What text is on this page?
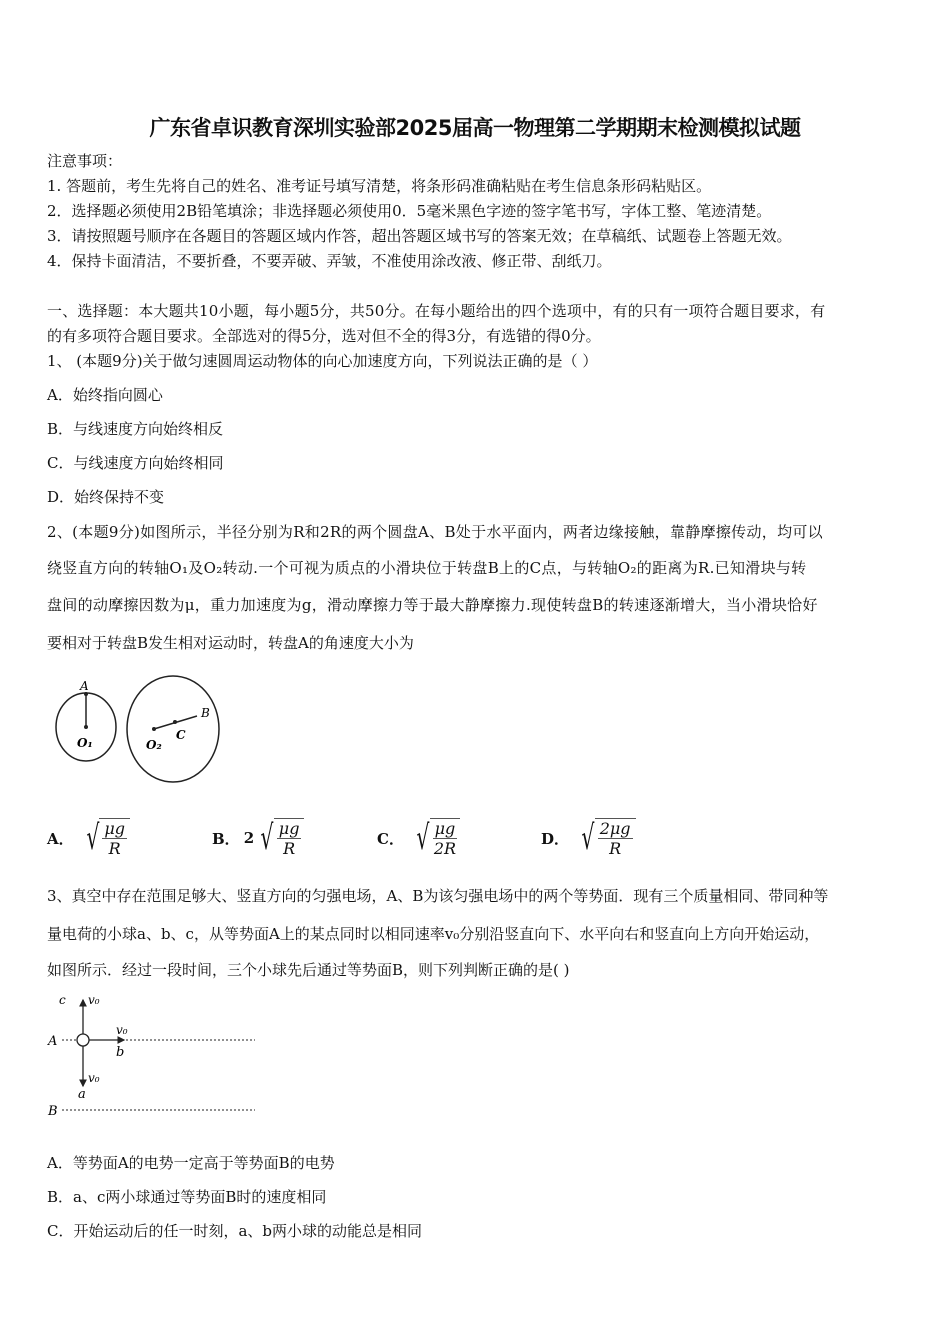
广东省卓识教育深圳实验部2025届高一物理第二学期期末检测模拟试题
注意事项：
1. 答题前，考生先将自己的姓名、准考证号填写清楚，将条形码准确粘贴在考生信息条形码粘贴区。
2．选择题必须使用2B铅笔填涂；非选择题必须使用0．5毫米黑色字迹的签字笔书写，字体工整、笔迹清楚。
3．请按照题号顺序在各题目的答题区域内作答，超出答题区域书写的答案无效；在草稿纸、试题卷上答题无效。
4．保持卡面清洁，不要折叠，不要弄破、弄皱，不准使用涂改液、修正带、刮纸刀。
一、选择题：本大题共10小题，每小题5分，共50分。在每小题给出的四个选项中，有的只有一项符合题目要求，有
的有多项符合题目要求。全部选对的得5分，选对但不全的得3分，有选错的得0分。
1、 (本题9分)关于做匀速圆周运动物体的向心加速度方向，下列说法正确的是（ ）
A．始终指向圆心
B．与线速度方向始终相反
C．与线速度方向始终相同
D．始终保持不变
2、(本题9分)如图所示，半径分别为R和2R的两个圆盘A、B处于水平面内，两者边缘接触，靠静摩擦传动，均可以
绕竖直方向的转轴O₁及O₂转动.一个可视为质点的小滑块位于转盘B上的C点，与转轴O₂的距离为R.已知滑块与转
盘间的动摩擦因数为μ，重力加速度为g，滑动摩擦力等于最大静摩擦力.现使转盘B的转速逐渐增大，当小滑块恰好
要相对于转盘B发生相对运动时，转盘A的角速度大小为
A
B
C
O₁	O₂
A． √ $\frac{\mu g}{R}$	B． 2 √ $\frac{\mu g}{R}$	C． √ $\frac{\mu g}{2R}$	D． √ $\frac{2\mu g}{R}$
3、真空中存在范围足够大、竖直方向的匀强电场，A、B为该匀强电场中的两个等势面．现有三个质量相同、带同种等
量电荷的小球a、b、c，从等势面A上的某点同时以相同速率v₀分别沿竖直向下、水平向右和竖直向上方向开始运动，
如图所示．经过一段时间，三个小球先后通过等势面B，则下列判断正确的是( )
c v₀
v₀
A
b
v₀
a
B
A．等势面A的电势一定高于等势面B的电势
B．a、c两小球通过等势面B时的速度相同
C．开始运动后的任一时刻，a、b两小球的动能总是相同
